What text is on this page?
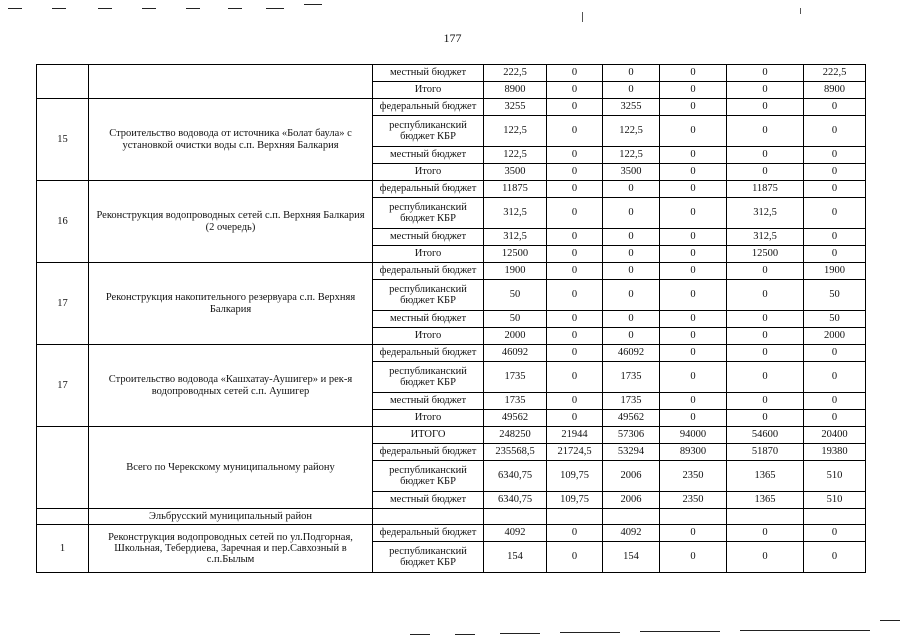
177
		местный бюджет	222,5	0	0	0	0	222,5
		Итого	8900	0	0	0	0	8900
15	Строительство водовода от источника «Болат баула» с установкой очистки воды с.п. Верхняя Балкария	федеральный бюджет	3255	0	3255	0	0	0
		республиканский бюджет КБР	122,5	0	122,5	0	0	0
		местный бюджет	122,5	0	122,5	0	0	0
		Итого	3500	0	3500	0	0	0
16	Реконструкция водопроводных сетей с.п. Верхняя Балкария (2 очередь)	федеральный бюджет	11875	0	0	0	11875	0
		республиканский бюджет КБР	312,5	0	0	0	312,5	0
		местный бюджет	312,5	0	0	0	312,5	0
		Итого	12500	0	0	0	12500	0
17	Реконструкция накопительного резервуара с.п. Верхняя Балкария	федеральный бюджет	1900	0	0	0	0	1900
		республиканский бюджет КБР	50	0	0	0	0	50
		местный бюджет	50	0	0	0	0	50
		Итого	2000	0	0	0	0	2000
17	Строительство водовода «Кашхатау-Аушигер» и рек-я водопроводных сетей с.п. Аушигер	федеральный бюджет	46092	0	46092	0	0	0
		республиканский бюджет КБР	1735	0	1735	0	0	0
		местный бюджет	1735	0	1735	0	0	0
		Итого	49562	0	49562	0	0	0
	Всего по Черекскому муниципальному району	ИТОГО	248250	21944	57306	94000	54600	20400
		федеральный бюджет	235568,5	21724,5	53294	89300	51870	19380
		республиканский бюджет КБР	6340,75	109,75	2006	2350	1365	510
		местный бюджет	6340,75	109,75	2006	2350	1365	510
	Эльбрусский муниципальный район							
1	Реконструкция водопроводных сетей по ул.Подгорная, Школьная, Тебердиева, Заречная и пер.Савхозный в с.п.Былым	федеральный бюджет	4092	0	4092	0	0	0
		республиканский бюджет КБР	154	0	154	0	0	0
